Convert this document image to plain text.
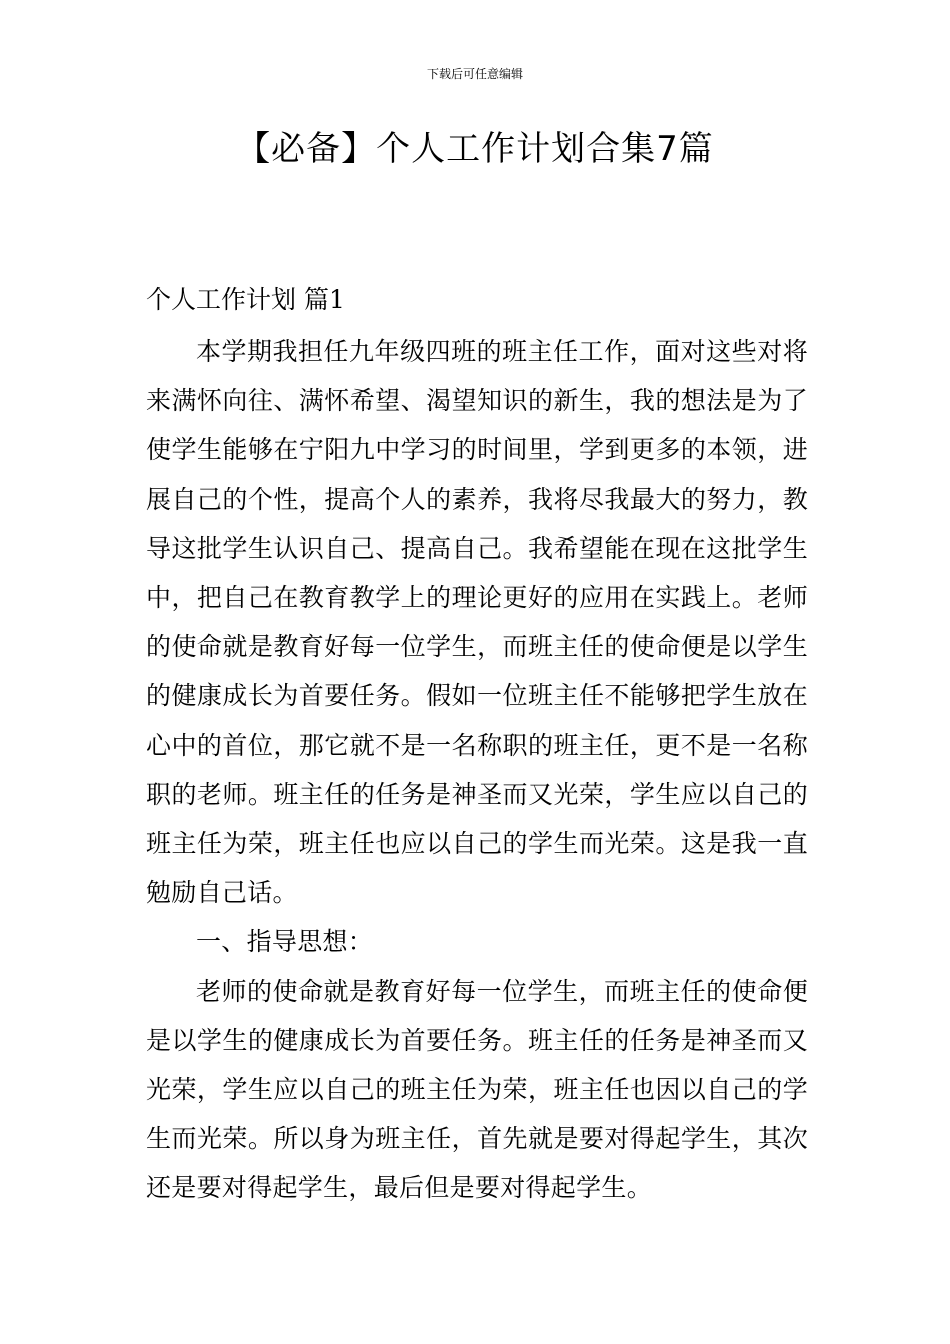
下载后可任意编辑
【必备】个人工作计划合集7篇
个人工作计划 篇1

本学期我担任九年级四班的班主任工作，面对这些对将来满怀向往、满怀希望、渴望知识的新生，我的想法是为了使学生能够在宁阳九中学习的时间里，学到更多的本领，进展自己的个性，提高个人的素养，我将尽我最大的努力，教导这批学生认识自己、提高自己。我希望能在现在这批学生中，把自己在教育教学上的理论更好的应用在实践上。老师的使命就是教育好每一位学生，而班主任的使命便是以学生的健康成长为首要任务。假如一位班主任不能够把学生放在心中的首位，那它就不是一名称职的班主任，更不是一名称职的老师。班主任的任务是神圣而又光荣，学生应以自己的班主任为荣，班主任也应以自己的学生而光荣。这是我一直勉励自己话。

一、指导思想：

老师的使命就是教育好每一位学生，而班主任的使命便是以学生的健康成长为首要任务。班主任的任务是神圣而又光荣，学生应以自己的班主任为荣，班主任也因以自己的学生而光荣。所以身为班主任，首先就是要对得起学生，其次还是要对得起学生，最后但是要对得起学生。
